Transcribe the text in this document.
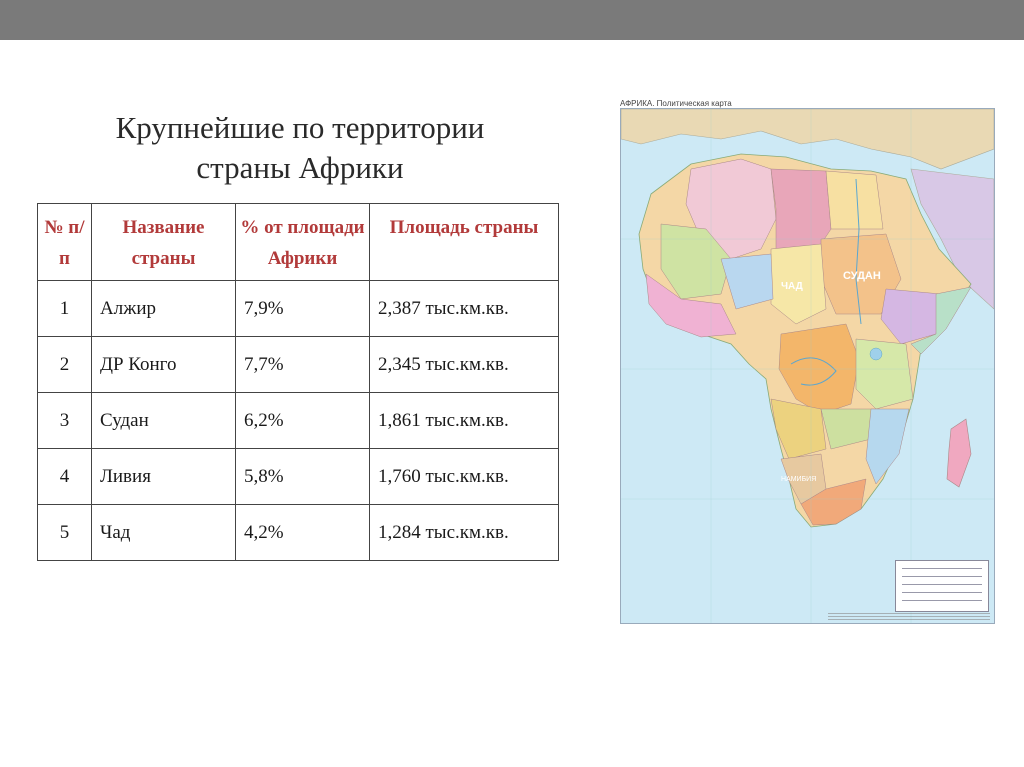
Крупнейшие по территории
страны Африки
№ п/ п	Название страны	% от площади Африки	Площадь страны
1	Алжир	7,9%	2,387 тыс.км.кв.
2	ДР Конго	7,7%	2,345 тыс.км.кв.
3	Судан	6,2%	1,861 тыс.км.кв.
4	Ливия	5,8%	1,760 тыс.км.кв.
5	Чад	4,2%	1,284 тыс.км.кв.
АФРИКА. Политическая карта
СУДАН
ЧАД
НАМИБИЯ
